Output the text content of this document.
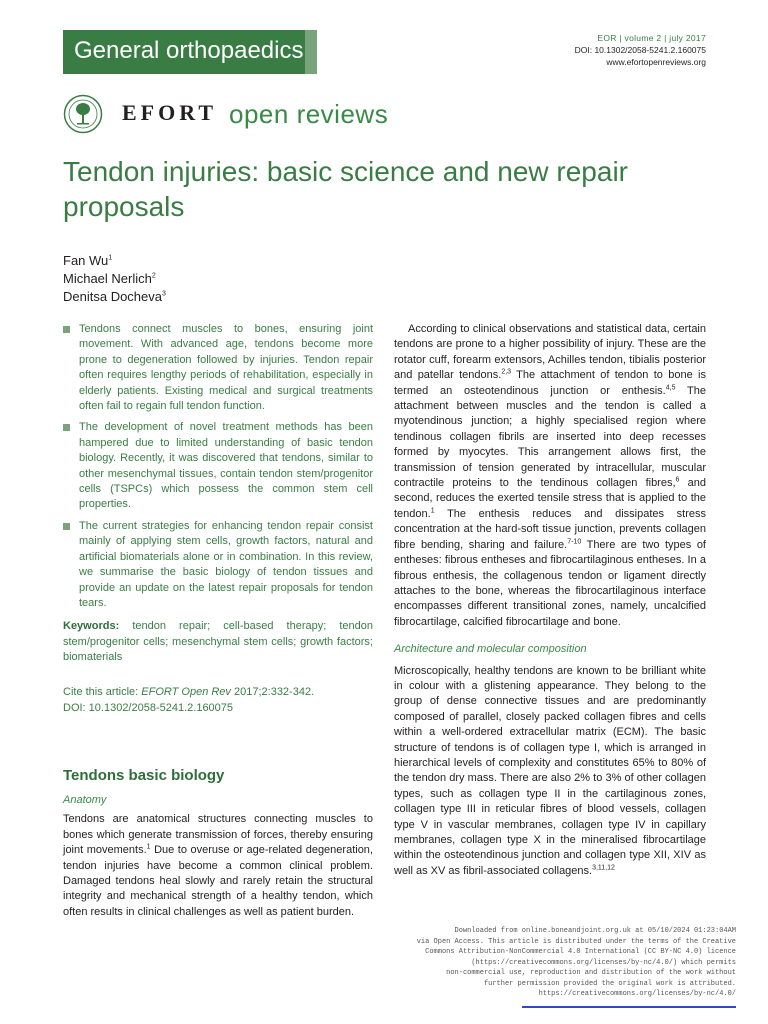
General orthopaedics	EOR | volume 2 | july 2017
DOI: 10.1302/2058-5241.2.160075
www.efortopenreviews.org
EFORT open reviews
Tendon injuries: basic science and new repair proposals
Fan Wu$^1$
Michael Nerlich$^2$
Denitsa Docheva$^3$
Tendons connect muscles to bones, ensuring joint movement. With advanced age, tendons become more prone to degeneration followed by injuries. Tendon repair often requires lengthy periods of rehabilitation, especially in elderly patients. Existing medical and surgical treatments often fail to regain full tendon function.
The development of novel treatment methods has been hampered due to limited understanding of basic tendon biology. Recently, it was discovered that tendons, similar to other mesenchymal tissues, contain tendon stem/progenitor cells (TSPCs) which possess the common stem cell properties.
The current strategies for enhancing tendon repair consist mainly of applying stem cells, growth factors, natural and artificial biomaterials alone or in combination. In this review, we summarise the basic biology of tendon tissues and provide an update on the latest repair proposals for tendon tears.
Keywords: tendon repair; cell-based therapy; tendon stem/progenitor cells; mesenchymal stem cells; growth factors; biomaterials
Cite this article: EFORT Open Rev 2017;2:332-342.
DOI: 10.1302/2058-5241.2.160075
Tendons basic biology
Anatomy

Tendons are anatomical structures connecting muscles to bones which generate transmission of forces, thereby ensuring joint movements.$^1$ Due to overuse or age-related degeneration, tendon injuries have become a common clinical problem. Damaged tendons heal slowly and rarely retain the structural integrity and mechanical strength of a healthy tendon, which often results in clinical challenges as well as patient burden.

According to clinical observations and statistical data, certain tendons are prone to a higher possibility of injury. These are the rotator cuff, forearm extensors, Achilles tendon, tibialis posterior and patellar tendons.$^{2,3}$ The attachment of tendon to bone is termed an osteotendinous junction or enthesis.$^{4,5}$ The attachment between muscles and the tendon is called a myotendinous junction; a highly specialised region where tendinous collagen fibrils are inserted into deep recesses formed by myocytes. This arrangement allows first, the transmission of tension generated by intracellular, muscular contractile proteins to the tendinous collagen fibres,$^6$ and second, reduces the exerted tensile stress that is applied to the tendon.$^1$ The enthesis reduces and dissipates stress concentration at the hard-soft tissue junction, prevents collagen fibre bending, sharing and failure.$^{7-10}$ There are two types of entheses: fibrous entheses and fibrocartilaginous entheses. In a fibrous enthesis, the collagenous tendon or ligament directly attaches to the bone, whereas the fibrocartilaginous interface encompasses different transitional zones, namely, uncalcified fibrocartilage, calcified fibrocartilage and bone.

Architecture and molecular composition

Microscopically, healthy tendons are known to be brilliant white in colour with a glistening appearance. They belong to the group of dense connective tissues and are predominantly composed of parallel, closely packed collagen fibres and cells within a well-ordered extracellular matrix (ECM). The basic structure of tendons is of collagen type I, which is arranged in hierarchical levels of complexity and constitutes 65% to 80% of the tendon dry mass. There are also 2% to 3% of other collagen types, such as collagen type II in the cartilaginous zones, collagen type III in reticular fibres of blood vessels, collagen type V in vascular membranes, collagen type IV in capillary membranes, collagen type X in the mineralised fibrocartilage within the osteotendinous junction and collagen type XII, XIV as well as XV as fibril-associated collagens.$^{3,11,12}$

Downloaded from online.boneandjoint.org.uk at 05/10/2024 01:23:04AM
via Open Access. This article is distributed under the terms of the Creative
Commons Attribution-NonCommercial 4.0 International (CC BY-NC 4.0) licence
(https://creativecommons.org/licenses/by-nc/4.0/) which permits
non-commercial use, reproduction and distribution of the work without
further permission provided the original work is attributed.
https://creativecommons.org/licenses/by-nc/4.0/
